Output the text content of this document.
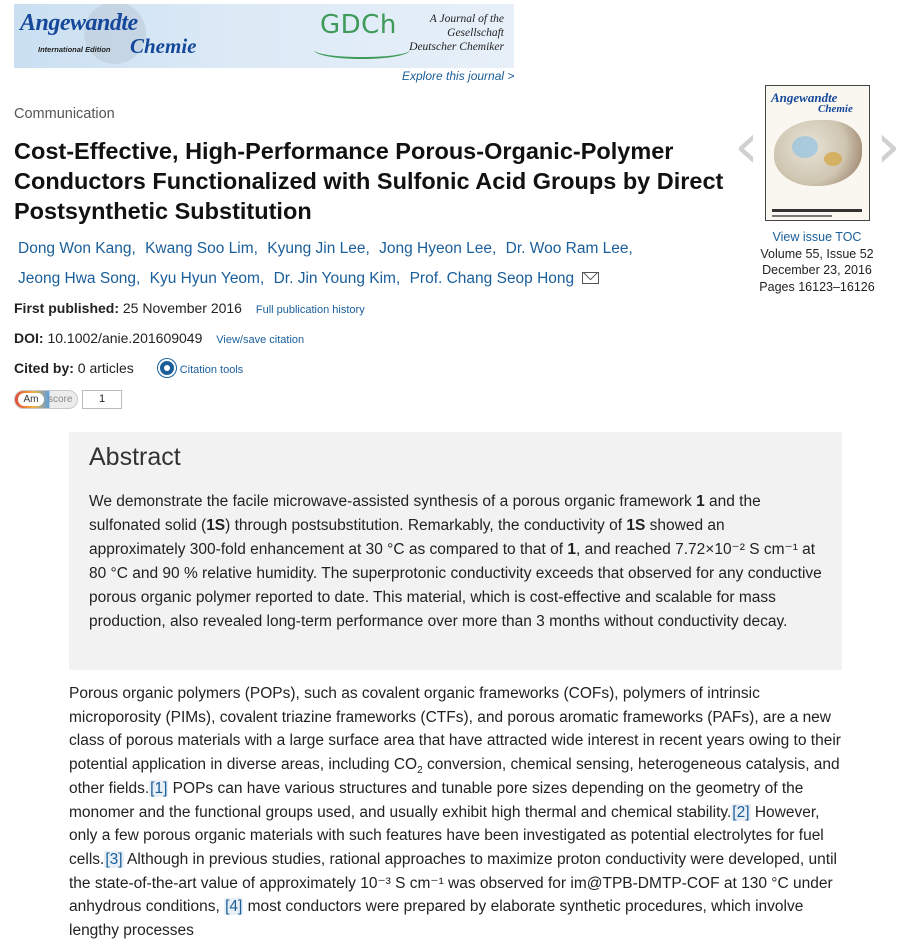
Angewandte
International Edition Chemie
GDCh	A Journal of the
Gesellschaft
Deutscher Chemiker
Explore this journal >
Communication
Cost-Effective, High-Performance Porous-Organic-Polymer Conductors Functionalized with Sulfonic Acid Groups by Direct Postsynthetic Substitution
Dong Won Kang, Kwang Soo Lim, Kyung Jin Lee, Jong Hyeon Lee, Dr. Woo Ram Lee,
Jeong Hwa Song, Kyu Hyun Yeom, Dr. Jin Young Kim, Prof. Chang Seop Hong
First published: 25 November 2016 Full publication history
DOI: 10.1002/anie.201609049 View/save citation
Cited by: 0 articles	Citation tools
Am score	1
‹ ›
Angewandte
Chemie
View issue TOC
Volume 55, Issue 52
December 23, 2016
Pages 16123–16126
Abstract

We demonstrate the facile microwave-assisted synthesis of a porous organic framework 1 and the sulfonated solid (1S) through postsubstitution. Remarkably, the conductivity of 1S showed an approximately 300-fold enhancement at 30 °C as compared to that of 1, and reached 7.72×10⁻² S cm⁻¹ at 80 °C and 90 % relative humidity. The superprotonic conductivity exceeds that observed for any conductive porous organic polymer reported to date. This material, which is cost-effective and scalable for mass production, also revealed long-term performance over more than 3 months without conductivity decay.

Porous organic polymers (POPs), such as covalent organic frameworks (COFs), polymers of intrinsic microporosity (PIMs), covalent triazine frameworks (CTFs), and porous aromatic frameworks (PAFs), are a new class of porous materials with a large surface area that have attracted wide interest in recent years owing to their potential application in diverse areas, including $CO_2$ conversion, chemical sensing, heterogeneous catalysis, and other fields.[1] POPs can have various structures and tunable pore sizes depending on the geometry of the monomer and the functional groups used, and usually exhibit high thermal and chemical stability.[2] However, only a few porous organic materials with such features have been investigated as potential electrolytes for fuel cells.[3] Although in previous studies, rational approaches to maximize proton conductivity were developed, until the state-of-the-art value of approximately 10⁻³ S cm⁻¹ was observed for im@TPB-DMTP-COF at 130 °C under anhydrous conditions, [4] most conductors were prepared by elaborate synthetic procedures, which involve lengthy processes
